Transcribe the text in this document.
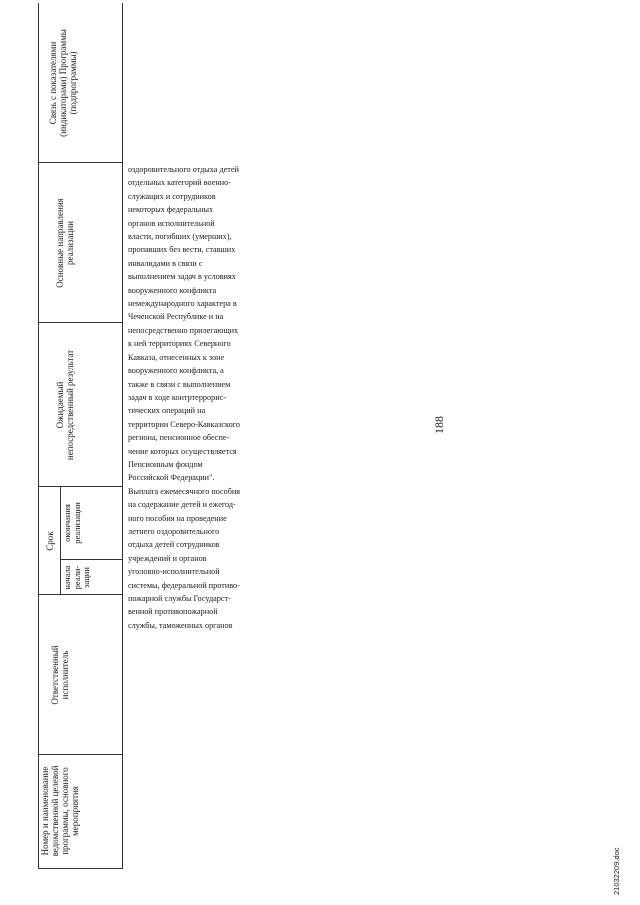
188
Номер и наименование ведомственной целевой программы, основного мероприятия
Ответственный исполнитель
Срок
начала реали- зации
окончания реализации
Ожидаемый непосредственный результат
Основные направления реализации
Связь с показателями (индикаторами) Программы (подпрограммы)
оздоровительного отдыха детей
отдельных категорий военно-
служащих и сотрудников
некоторых федеральных
органов исполнительной
власти, погибших (умерших),
пропавших без вести, ставших
инвалидами в связи с
выполнением задач в условиях
вооруженного конфликта
немеждународного характера в
Чеченской Республике и на
непосредственно прилегающих
к ней территориях Северного
Кавказа, отнесенных к зоне
вооруженного конфликта, а
также в связи с выполнением
задач в ходе контртеррорис-
тических операций на
территории Северо-Кавказского
региона, пенсионное обеспе-
чение которых осуществляется
Пенсионным фондом
Российской Федерации".
Выплата ежемесячного пособия
на содержание детей и ежегод-
ного пособия на проведение
летнего оздоровительного
отдыха детей сотрудников
учреждений и органов
уголовно-исполнительной
системы, федеральной противо-
пожарной службы Государст-
венной противопожарной
службы, таможенных органов
21032209.doc
